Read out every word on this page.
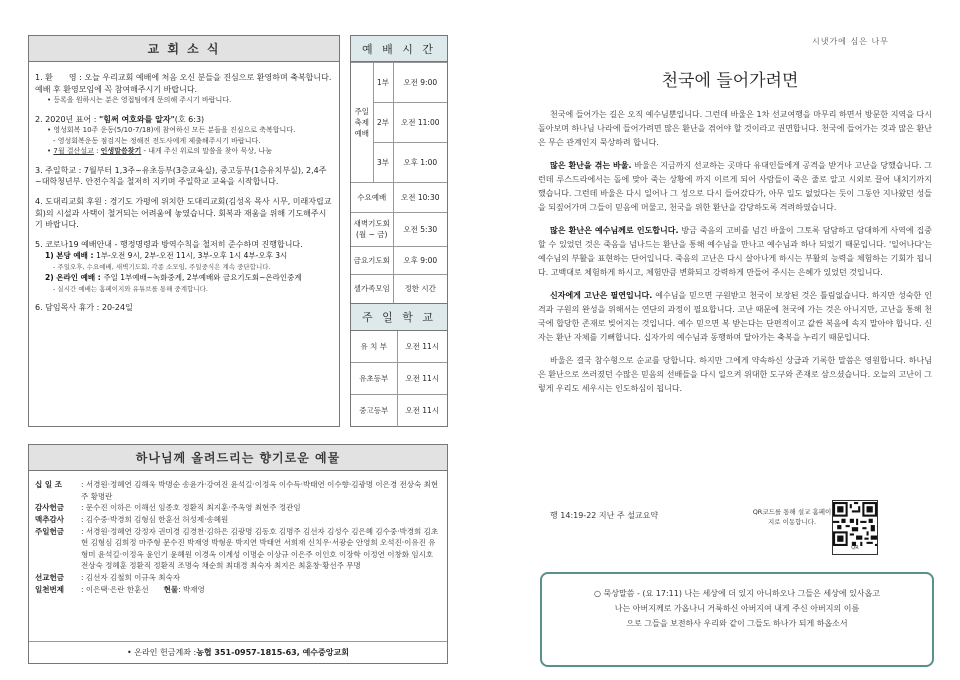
교 회 소 식
1. 환　　영 : 오늘 우리교회 예배에 처음 오신 분들을 진심으로 환영하며 축복합니다. 예배 후 환영모임에 꼭 참여해주시기 바랍니다.
• 등록을 원하시는 분은 영접팀에게 문의해 주시기 바랍니다.
2. 2020년 표어 : "힘써 여호와를 알자"(호 6:3)
• 영성회복 10주 운동(5/10-7/18)에 참여하신 모든 분들을 진심으로 축복합니다.
- 영성회복운동 점검지는 정해진 전도사에게 제출해주시기 바랍니다.
• 7월 결산설교 : 인생말씀찾기 - 내게 주신 위로의 말씀을 찾아 묵상, 나눔
3. 주일학교 : 7월부터 1,3주~유초등부(3층교육실), 중고등부(1층유치부실), 2,4주~대학청년부. 안전수칙을 철저히 지키며 주일학교 교육을 시작합니다.
4. 도대리교회 후원 : 경기도 가평에 위치한 도대리교회(김성옥 목사 시무, 미래자립교회)의 시설과 사택이 철거되는 어려움에 놓였습니다. 회복과 재움을 위해 기도해주시기 바랍니다.
5. 코로나19 예배안내 - 행정명령과 방역수칙을 철저히 준수하며 진행합니다.
1) 본당 예배 : 1부-오전 9시, 2부-오전 11시, 3부-오후 1시 4부-오후 3시
- 주일오후, 수요예배, 새벽기도회, 각종 소모임, 주일중식은 계속 중단합니다.
2) 온라인 예배 : 주일 1부예배~녹화중계, 2부예배와 금요기도회~온라인중계
- 실시간 예배는 홈페이지와 유튜브를 통해 중계합니다.
6. 담임목사 휴가 : 20-24일
예 배 시 간
주일
축제
예배	1부	오전 9:00
	2부	오전 11:00
	3부	오후 1:00
수요예배		오전 10:30
새벽기도회
(월 ~ 금)		오전 5:30
금요기도회		오후 9:00
셀가족모임		정한 시간
주 일 학 교
유 치 부	오전 11시
유초등부	오전 11시
중고등부	오전 11시
하나님께 올려드리는 향기로운 예물
십 일 조	: 서경원·정혜연 김해욱 박명순 송윤가·강여진 윤석길·이정옥 이수득·박태연 이수향·김광명 이은경 전상숙 최현주 황명란
감사헌금	: 문수진 이하은 이해선 임종호 정환직 최지훈·주옥영 최현주 정관임
맥추감사	: 김수중·박경희 김형심 한훈선 허성제·송혜원
주일헌금	: 서경원·정혜연 강정자 권미경 김경천·김하은 김광명 김동호 김명주 김선자 김성수 김은혜 김수중·박경희 김초현 김형심 김희정 마주형 문수진 박재영 박형운 박지연 박태연 서희재 신치우·서광순 안영희 오석진·이유진 유형미 윤석길·이정옥 윤인기 윤혜원 이경옥 이계성 이명순 이상규 이은주 이인호 이장학 이정연 이창화 임시호 전상숙 정혜훈 정환직 정환직 조명숙 채순희 최대경 최숙자 최지은 최훈창·황선주 무명
선교헌금	: 김선자 김철희 이규옥 최숙자
일천번제	: 이은택·은란 한훈선　　 현물: 박재영
• 온라인 헌금계좌 : 농협 351-0957-1815-63, 예수중앙교회
시냇가에 심은 나무
천국에 들어가려면

천국에 들어가는 길은 오직 예수님뿐입니다. 그런데 바울은 1차 선교여행을 마무리 하면서 방문한 지역을 다시 돌아보며 하나님 나라에 들어가려면 많은 환난을 겪어야 할 것이라고 권면합니다. 천국에 들어가는 것과 많은 환난은 무슨 관계인지 묵상하려 합니다.

많은 환난을 겪는 바울. 바울은 지금까지 선교하는 곳마다 유대인들에게 공격을 받거나 고난을 당했습니다. 그런데 루스드라에서는 돌에 맞아 죽는 상황에 까지 이르게 되어 사람들이 죽은 줄로 알고 시외로 끌어 내치기까지 했습니다. 그런데 바울은 다시 일어나 그 성으로 다시 들어갔다가, 아무 일도 없었다는 듯이 그동안 지나왔던 성들을 되짚어가며 그들이 믿음에 머물고, 천국을 위한 환난을 감당하도록 격려하였습니다.

많은 환난은 예수님께로 인도합니다. 방금 죽음의 고비를 넘긴 바울이 그토록 담담하고 담대하게 사역에 집중할 수 있었던 것은 죽음을 넘나드는 환난을 통해 예수님을 만나고 예수님과 하나 되었기 때문입니다. '일어나다'는 예수님의 부활을 표현하는 단어입니다. 죽음의 고난은 다시 살아나게 하시는 부활의 능력을 체험하는 기회가 됩니다. 고백대로 체험하게 하시고, 체험만큼 변화되고 강력하게 만들어 주시는 은혜가 있었던 것입니다.

신자에게 고난은 필연입니다. 예수님을 믿으면 구원받고 천국이 보장된 것은 틀림없습니다. 하지만 성숙한 인격과 구원의 완성을 위해서는 연단의 과정이 필요합니다. 고난 때문에 천국에 가는 것은 아니지만, 고난을 통해 천국에 합당한 존재로 빚어지는 것입니다. 예수 믿으면 복 받는다는 단편적이고 값싼 복음에 속지 말아야 합니다. 신자는 환난 자체를 기뻐합니다. 십자가의 예수님과 동행하며 달아가는 축복을 누리기 때문입니다.

바울은 결국 참수형으로 순교를 당합니다. 하지만 그에게 약속하신 상급과 기록한 말씀은 영원합니다. 하나님은 환난으로 쓰러졌던 수많은 믿음의 선배들을 다시 일으켜 위대한 도구와 존재로 삼으셨습니다. 오늘의 고난이 그렇게 우리도 세우시는 인도하심이 됩니다.

행 14:19-22 지난 주 설교요약	QR코드를 통해 설교 홈페이지로 이동합니다.
QR
○ 묵상말씀 - (요 17:11) 나는 세상에 더 있지 아니하오나 그들은 세상에 있사옵고
나는 아버지께로 가옵나니 거룩하신 아버지여 내게 주신 아버지의 이름
으로 그들을 보전하사 우리와 같이 그들도 하나가 되게 하옵소서
